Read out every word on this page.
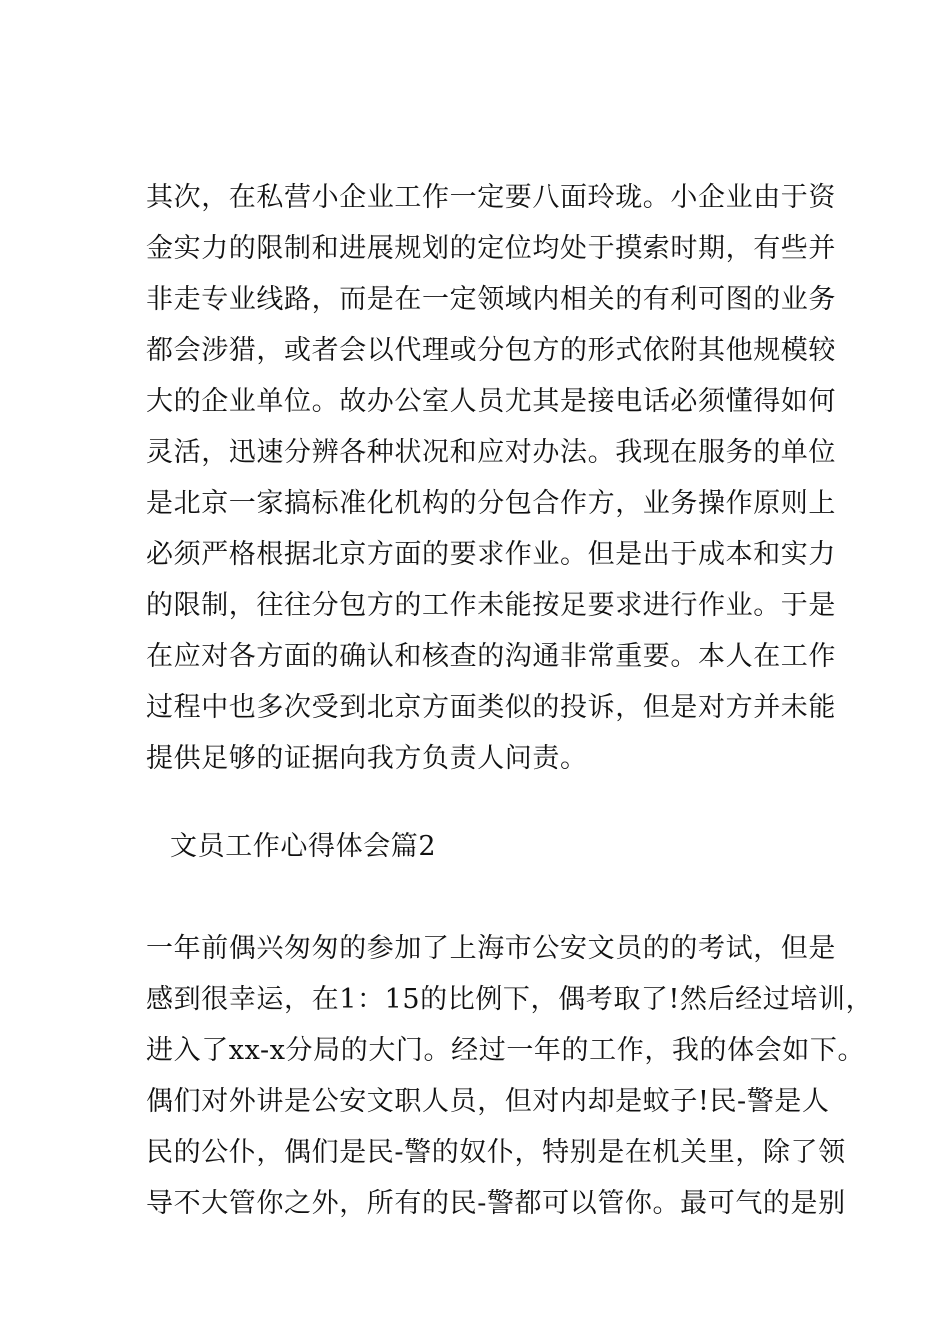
其次，在私营小企业工作一定要八面玲珑。小企业由于资

金实力的限制和进展规划的定位均处于摸索时期，有些并

非走专业线路，而是在一定领域内相关的有利可图的业务

都会涉猎，或者会以代理或分包方的形式依附其他规模较

大的企业单位。故办公室人员尤其是接电话必须懂得如何

灵活，迅速分辨各种状况和应对办法。我现在服务的单位

是北京一家搞标准化机构的分包合作方，业务操作原则上

必须严格根据北京方面的要求作业。但是出于成本和实力

的限制，往往分包方的工作未能按足要求进行作业。于是

在应对各方面的确认和核查的沟通非常重要。本人在工作

过程中也多次受到北京方面类似的投诉，但是对方并未能

提供足够的证据向我方负责人问责。

文员工作心得体会篇2

一年前偶兴匆匆的参加了上海市公安文员的的考试，但是

感到很幸运，在1：15的比例下，偶考取了!然后经过培训，

进入了xx-x分局的大门。经过一年的工作，我的体会如下。

偶们对外讲是公安文职人员，但对内却是蚊子!民-警是人

民的公仆，偶们是民-警的奴仆，特别是在机关里，除了领

导不大管你之外，所有的民-警都可以管你。最可气的是别
